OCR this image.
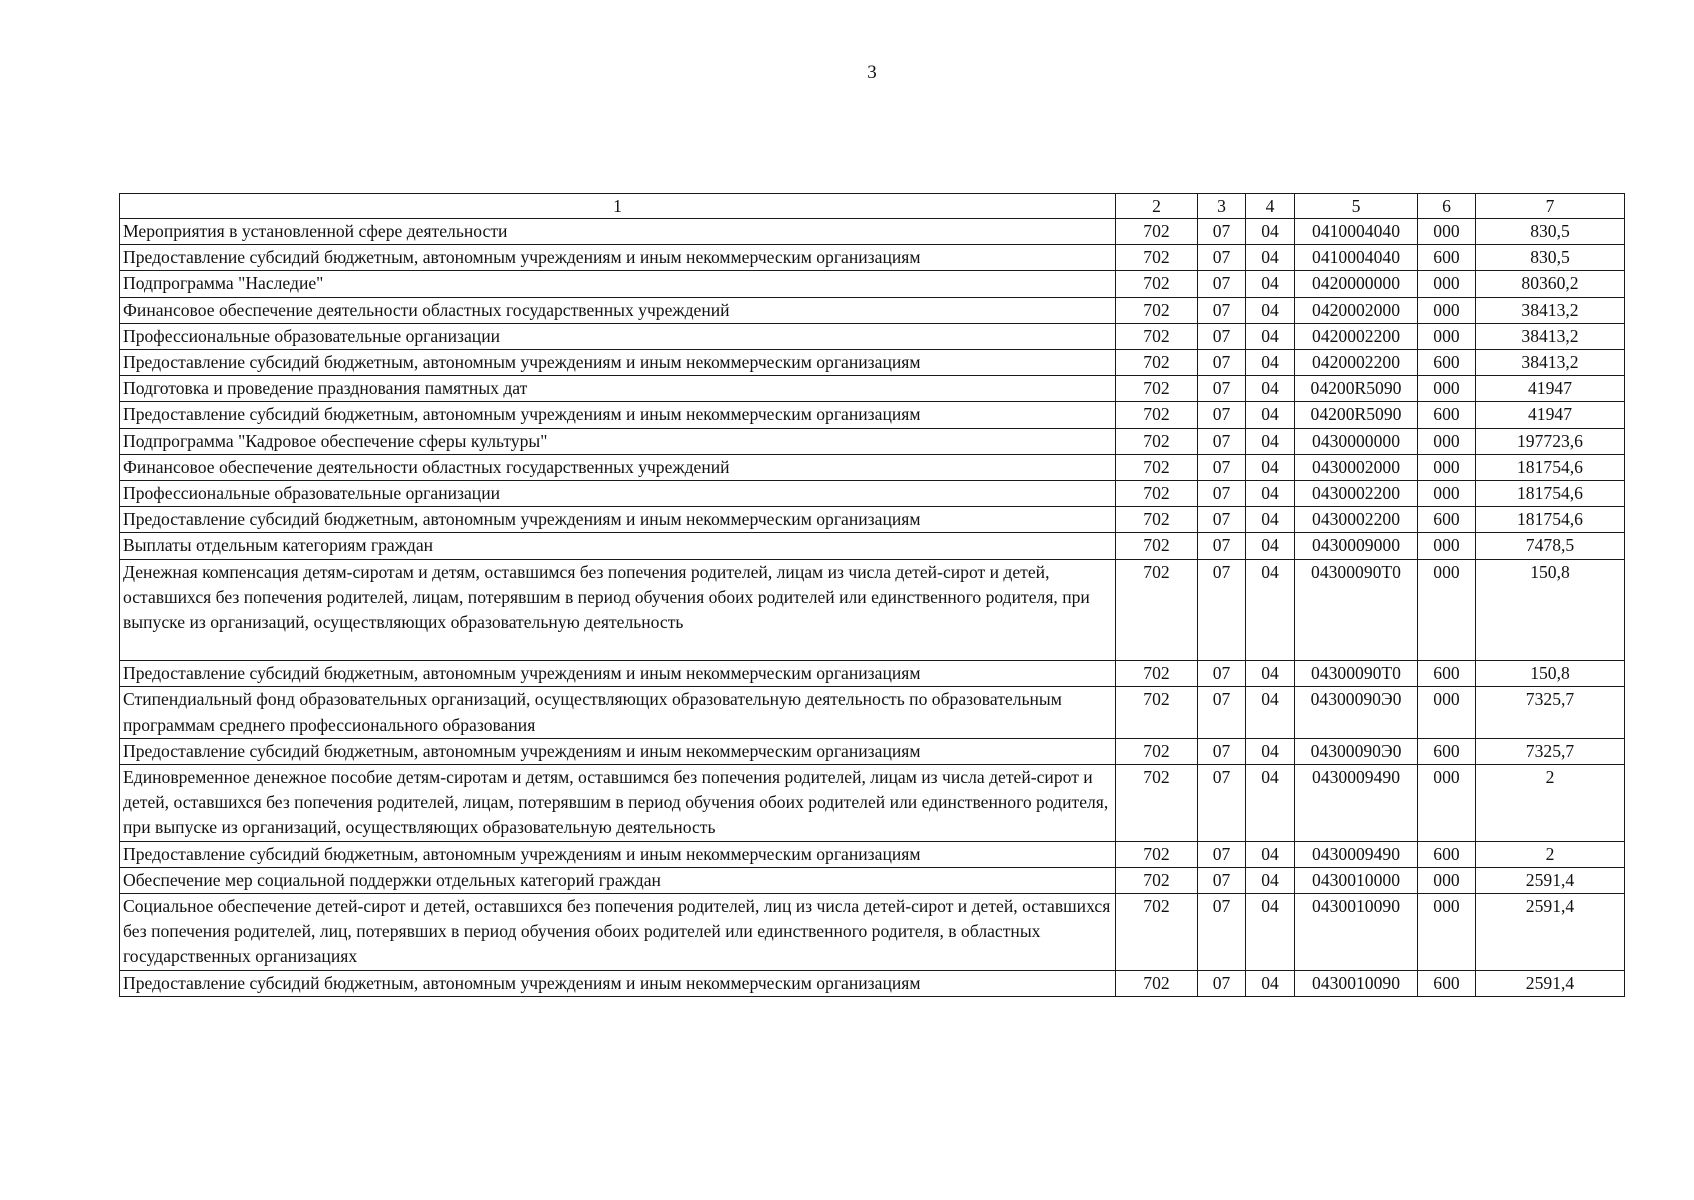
3
1	2	3	4	5	6	7
Мероприятия в установленной сфере деятельности	702	07	04	0410004040	000	830,5
Предоставление субсидий бюджетным, автономным учреждениям и иным некоммерческим организациям	702	07	04	0410004040	600	830,5
Подпрограмма "Наследие"	702	07	04	0420000000	000	80360,2
Финансовое обеспечение деятельности областных государственных учреждений	702	07	04	0420002000	000	38413,2
Профессиональные образовательные организации	702	07	04	0420002200	000	38413,2
Предоставление субсидий бюджетным, автономным учреждениям и иным некоммерческим организациям	702	07	04	0420002200	600	38413,2
Подготовка и проведение празднования памятных дат	702	07	04	04200R5090	000	41947
Предоставление субсидий бюджетным, автономным учреждениям и иным некоммерческим организациям	702	07	04	04200R5090	600	41947
Подпрограмма "Кадровое обеспечение сферы культуры"	702	07	04	0430000000	000	197723,6
Финансовое обеспечение деятельности областных государственных учреждений	702	07	04	0430002000	000	181754,6
Профессиональные образовательные организации	702	07	04	0430002200	000	181754,6
Предоставление субсидий бюджетным, автономным учреждениям и иным некоммерческим организациям	702	07	04	0430002200	600	181754,6
Выплаты отдельным категориям граждан	702	07	04	0430009000	000	7478,5
Денежная компенсация детям-сиротам и детям, оставшимся без попечения родителей, лицам из числа детей-сирот и детей, оставшихся без попечения родителей, лицам, потерявшим в период обучения обоих родителей или единственного родителя, при выпуске из организаций, осуществляющих образовательную деятельность	702	07	04	04300090Т0	000	150,8

Предоставление субсидий бюджетным, автономным учреждениям и иным некоммерческим организациям	702	07	04	04300090Т0	600	150,8
Стипендиальный фонд образовательных организаций, осуществляющих образовательную деятельность по образовательным программам среднего профессионального образования	702	07	04	04300090Э0	000	7325,7
Предоставление субсидий бюджетным, автономным учреждениям и иным некоммерческим организациям	702	07	04	04300090Э0	600	7325,7
Единовременное денежное пособие детям-сиротам и детям, оставшимся без попечения родителей, лицам из числа детей-сирот и детей, оставшихся без попечения родителей, лицам, потерявшим в период обучения обоих родителей или единственного родителя, при выпуске из организаций, осуществляющих образовательную деятельность	702	07	04	0430009490	000	2
Предоставление субсидий бюджетным, автономным учреждениям и иным некоммерческим организациям	702	07	04	0430009490	600	2
Обеспечение мер социальной поддержки отдельных категорий граждан	702	07	04	0430010000	000	2591,4
Социальное обеспечение детей-сирот и детей, оставшихся без попечения родителей, лиц из числа детей-сирот и детей, оставшихся без попечения родителей, лиц, потерявших в период обучения обоих родителей или единственного родителя, в областных государственных организациях	702	07	04	0430010090	000	2591,4
Предоставление субсидий бюджетным, автономным учреждениям и иным некоммерческим организациям	702	07	04	0430010090	600	2591,4
